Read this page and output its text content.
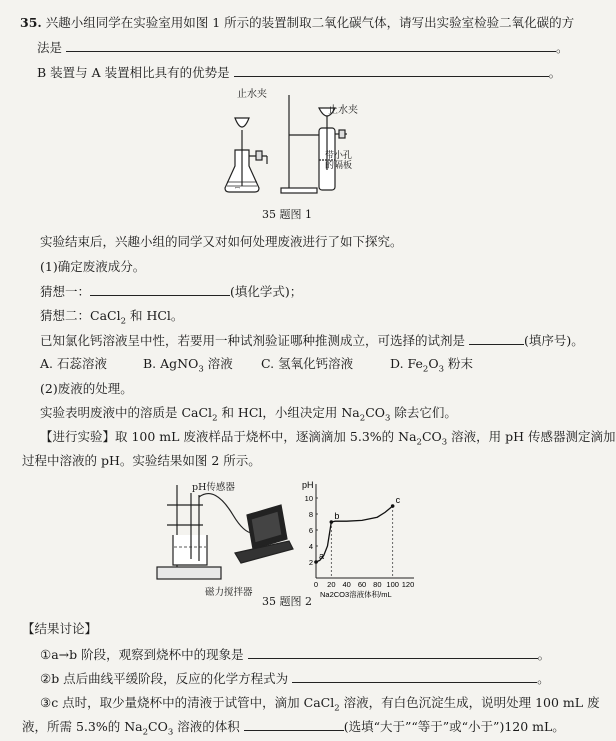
35. 兴趣小组同学在实验室用如图 1 所示的装置制取二氧化碳气体，请写出实验室检验二氧化碳的方
法是	。
B 装置与 A 装置相比具有的优势是	。
ꟷ
止水夹
止水夹
带小孔
的隔板
35 题图 1
实验结束后，兴趣小组的同学又对如何处理废液进行了如下探究。
(1)确定废液成分。
猜想一：	(填化学式)；
猜想二：CaCl$_2$ 和 HCl。
已知氯化钙溶液呈中性，若要用一种试剂验证哪种推测成立，可选择的试剂是	(填序号)。
A. 石蕊溶液	B. AgNO$_3$ 溶液 C. 氢氧化钙溶液	D. $Fe_2O_3$ 粉末
(2)废液的处理。
实验表明废液中的溶质是 CaCl$_2$ 和 HCl，小组决定用 $Na_2CO_3$ 除去它们。
【进行实验】取 100 mL 废液样品于烧杯中，逐滴滴加 5.3%的 $Na_2CO_3$ 溶液，用 pH 传感器测定滴加
过程中溶液的 pH。实验结果如图 2 所示。
pH传感器
磁力搅拌器
pH
2
4
6
8
10
0 20 40 60 80 100 120
Na2CO3溶液体积/mL
a
b
c
35 题图 2
【结果讨论】
①a→b 阶段，观察到烧杯中的现象是	。
②b 点后曲线平缓阶段，反应的化学方程式为	。
③c 点时，取少量烧杯中的清液于试管中，滴加 CaCl$_2$ 溶液，有白色沉淀生成，说明处理 100 mL 废
液，所需 5.3%的 $Na_2CO_3$ 溶液的体积	(选填“大于”“等于”或“小于”)120 mL。
